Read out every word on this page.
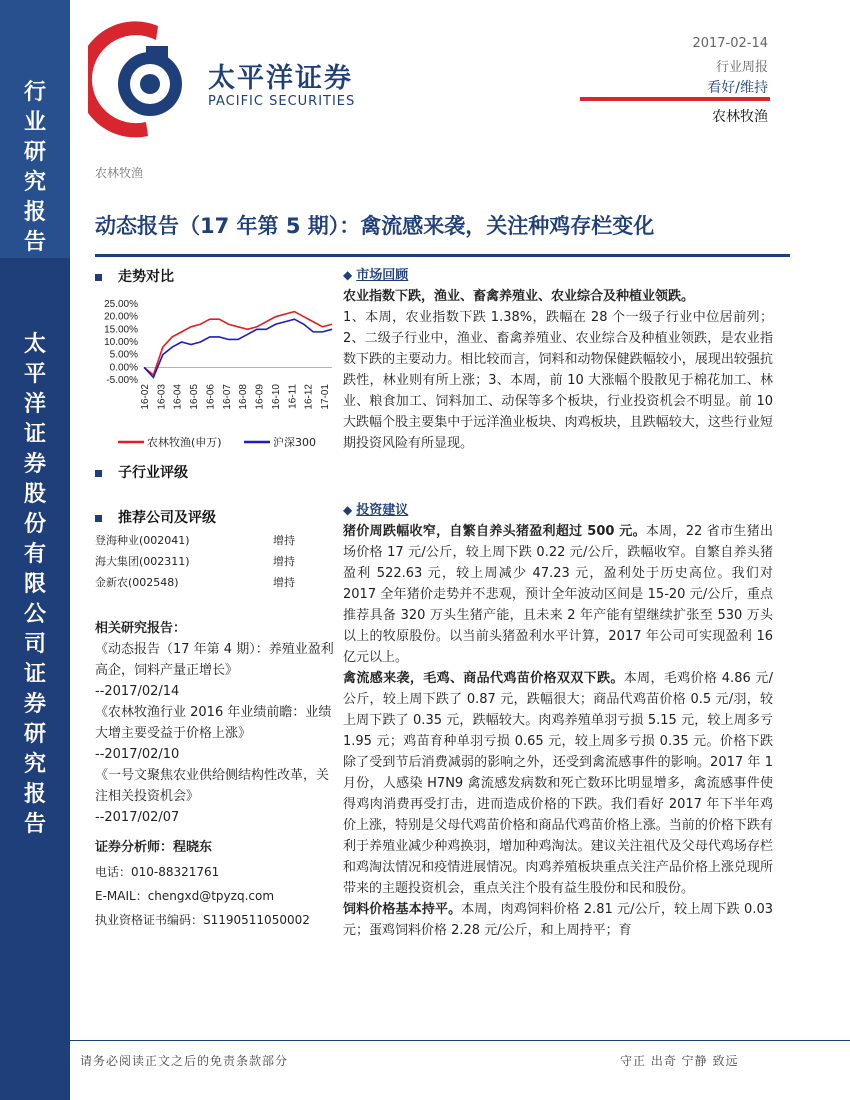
行业研究报告
太平洋证券股份有限公司证券研究报告
太平洋证券
PACIFIC SECURITIES
2017-02-14
行业周报
看好/维持
农林牧渔
农林牧渔
动态报告（17 年第 5 期）：禽流感来袭，关注种鸡存栏变化
走势对比
25.00%
20.00%
15.00%
10.00%
5.00%
0.00%
-5.00%
16-02 16-03 16-04 16-05 16-06 16-07 16-08 16-09 16-10 16-11 16-12 17-01
农林牧渔(申万)	沪深300
子行业评级
推荐公司及评级
登海种业(002041)	增持
海大集团(002311)	增持
金新农(002548)	增持
相关研究报告：
《动态报告（17 年第 4 期）：养殖业盈利高企，饲料产量正增长》
--2017/02/14
《农林牧渔行业 2016 年业绩前瞻：业绩大增主要受益于价格上涨》
--2017/02/10
《一号文聚焦农业供给侧结构性改革，关注相关投资机会》
--2017/02/07
证券分析师：程晓东
电话：010-88321761
E-MAIL：chengxd@tpyzq.com
执业资格证书编码：S1190511050002
◆ 市场回顾
农业指数下跌，渔业、畜禽养殖业、农业综合及种植业领跌。
1、本周，农业指数下跌 1.38%，跌幅在 28 个一级子行业中位居前列；2、二级子行业中，渔业、畜禽养殖业、农业综合及种植业领跌，是农业指数下跌的主要动力。相比较而言，饲料和动物保健跌幅较小，展现出较强抗跌性，林业则有所上涨；3、本周，前 10 大涨幅个股散见于棉花加工、林业、粮食加工、饲料加工、动保等多个板块，行业投资机会不明显。前 10 大跌幅个股主要集中于远洋渔业板块、肉鸡板块，且跌幅较大，这些行业短期投资风险有所显现。
◆ 投资建议
猪价周跌幅收窄，自繁自养头猪盈利超过 500 元。本周，22 省市生猪出场价格 17 元/公斤，较上周下跌 0.22 元/公斤，跌幅收窄。自繁自养头猪盈利 522.63 元，较上周减少 47.23 元，盈利处于历史高位。我们对 2017 全年猪价走势并不悲观，预计全年波动区间是 15-20 元/公斤，重点推荐具备 320 万头生猪产能，且未来 2 年产能有望继续扩张至 530 万头以上的牧原股份。以当前头猪盈利水平计算，2017 年公司可实现盈利 16 亿元以上。
禽流感来袭，毛鸡、商品代鸡苗价格双双下跌。本周，毛鸡价格 4.86 元/公斤，较上周下跌了 0.87 元，跌幅很大；商品代鸡苗价格 0.5 元/羽，较上周下跌了 0.35 元，跌幅较大。肉鸡养殖单羽亏损 5.15 元，较上周多亏 1.95 元；鸡苗育种单羽亏损 0.65 元，较上周多亏损 0.35 元。价格下跌除了受到节后消费减弱的影响之外，还受到禽流感事件的影响。2017 年 1 月份，人感染 H7N9 禽流感发病数和死亡数环比明显增多，禽流感事件使得鸡肉消费再受打击，进而造成价格的下跌。我们看好 2017 年下半年鸡价上涨，特别是父母代鸡苗价格和商品代鸡苗价格上涨。当前的价格下跌有利于养殖业减少种鸡换羽，增加种鸡淘汰。建议关注祖代及父母代鸡场存栏和鸡淘汰情况和疫情进展情况。肉鸡养殖板块重点关注产品价格上涨兑现所带来的主题投资机会，重点关注个股有益生股份和民和股份。
饲料价格基本持平。本周，肉鸡饲料价格 2.81 元/公斤，较上周下跌 0.03 元；蛋鸡饲料价格 2.28 元/公斤，和上周持平；育
请务必阅读正文之后的免责条款部分	守正 出奇 宁静 致远
